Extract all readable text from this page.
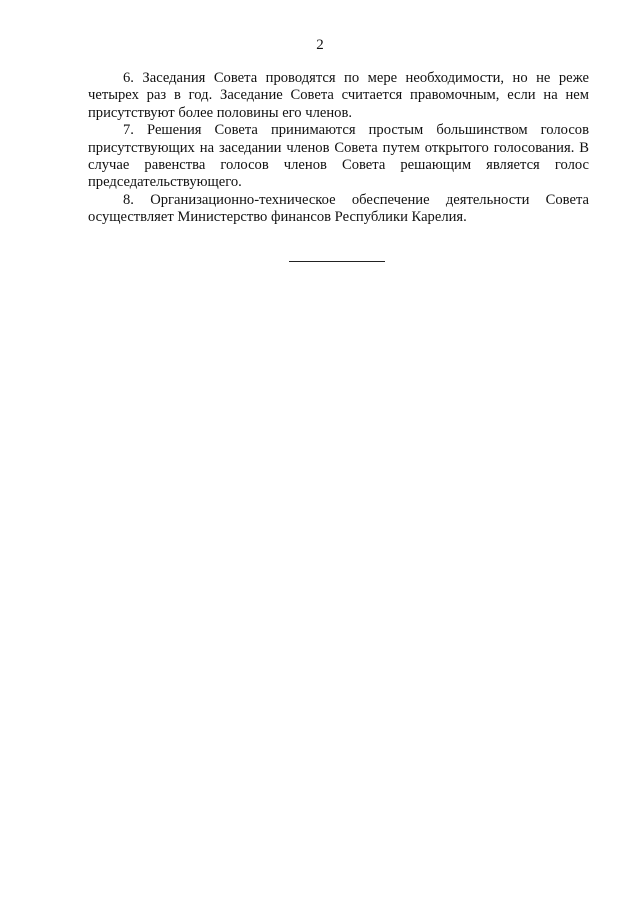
2

6. Заседания Совета проводятся по мере необходимости, но не реже четырех раз в год. Заседание Совета считается правомочным, если на нем присутствуют более половины его членов.

7. Решения Совета принимаются простым большинством голосов присутствующих на заседании членов Совета путем открытого голосования. В случае равенства голосов членов Совета решающим является голос председательствующего.

8. Организационно-техническое обеспечение деятельности Совета осуществляет Министерство финансов Республики Карелия.
